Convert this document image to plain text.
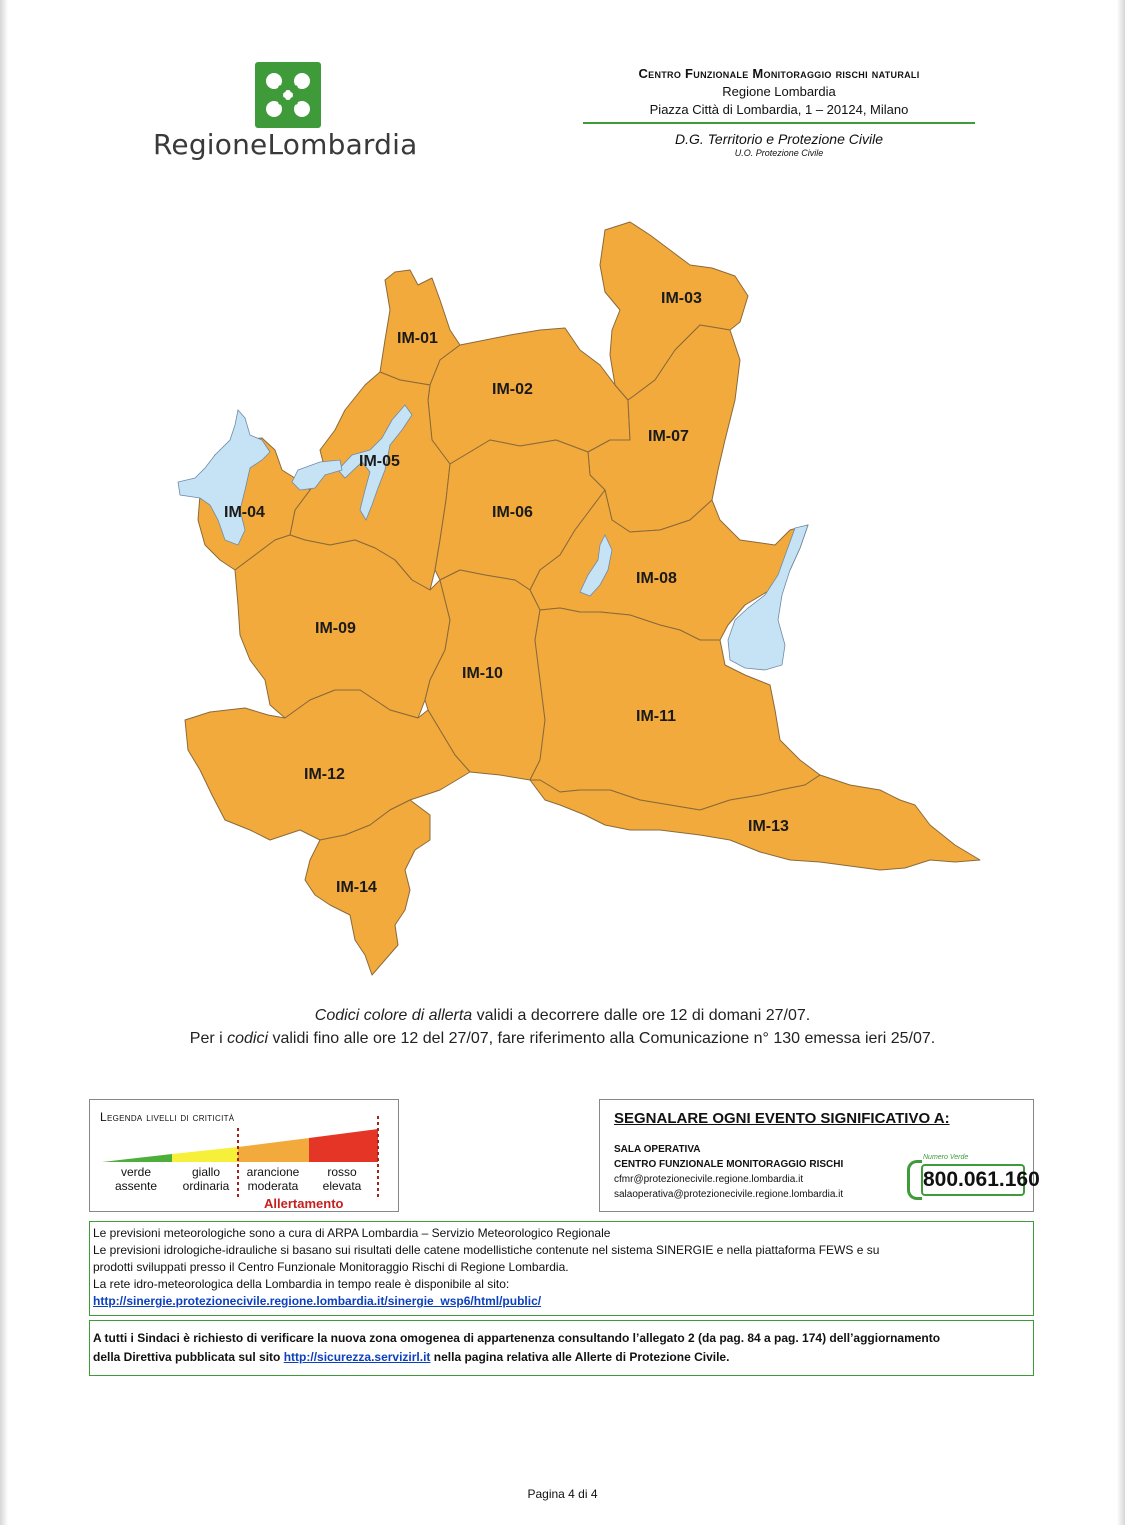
RegioneLombardia
Centro Funzionale Monitoraggio rischi naturali
Regione Lombardia
Piazza Città di Lombardia, 1 – 20124, Milano
D.G. Territorio e Protezione Civile
U.O. Protezione Civile
IM-01
IM-02
IM-03
IM-04
IM-05
IM-06
IM-07
IM-08
IM-09
IM-10
IM-11
IM-12
IM-13
IM-14
Codici colore di allerta validi a decorrere dalle ore 12 di domani 27/07.
Per i codici validi fino alle ore 12 del 27/07, fare riferimento alla Comunicazione n° 130 emessa ieri 25/07.
Legenda livelli di criticità
verde
assente
giallo
ordinaria
arancione
moderata
rosso
elevata
Allertamento
SEGNALARE OGNI EVENTO SIGNIFICATIVO A:
SALA OPERATIVA
CENTRO FUNZIONALE MONITORAGGIO RISCHI
cfmr@protezionecivile.regione.lombardia.it
salaoperativa@protezionecivile.regione.lombardia.it
Numero Verde
800.061.160
Le previsioni meteorologiche sono a cura di ARPA Lombardia – Servizio Meteorologico Regionale
Le previsioni idrologiche-idrauliche si basano sui risultati delle catene modellistiche contenute nel sistema SINERGIE e nella piattaforma FEWS e su
prodotti sviluppati presso il Centro Funzionale Monitoraggio Rischi di Regione Lombardia.
La rete idro-meteorologica della Lombardia in tempo reale è disponibile al sito:
http://sinergie.protezionecivile.regione.lombardia.it/sinergie_wsp6/html/public/
A tutti i Sindaci è richiesto di verificare la nuova zona omogenea di appartenenza consultando l’allegato 2 (da pag. 84 a pag. 174) dell’aggiornamento
della Direttiva pubblicata sul sito http://sicurezza.servizirl.it nella pagina relativa alle Allerte di Protezione Civile.
Pagina 4 di 4
